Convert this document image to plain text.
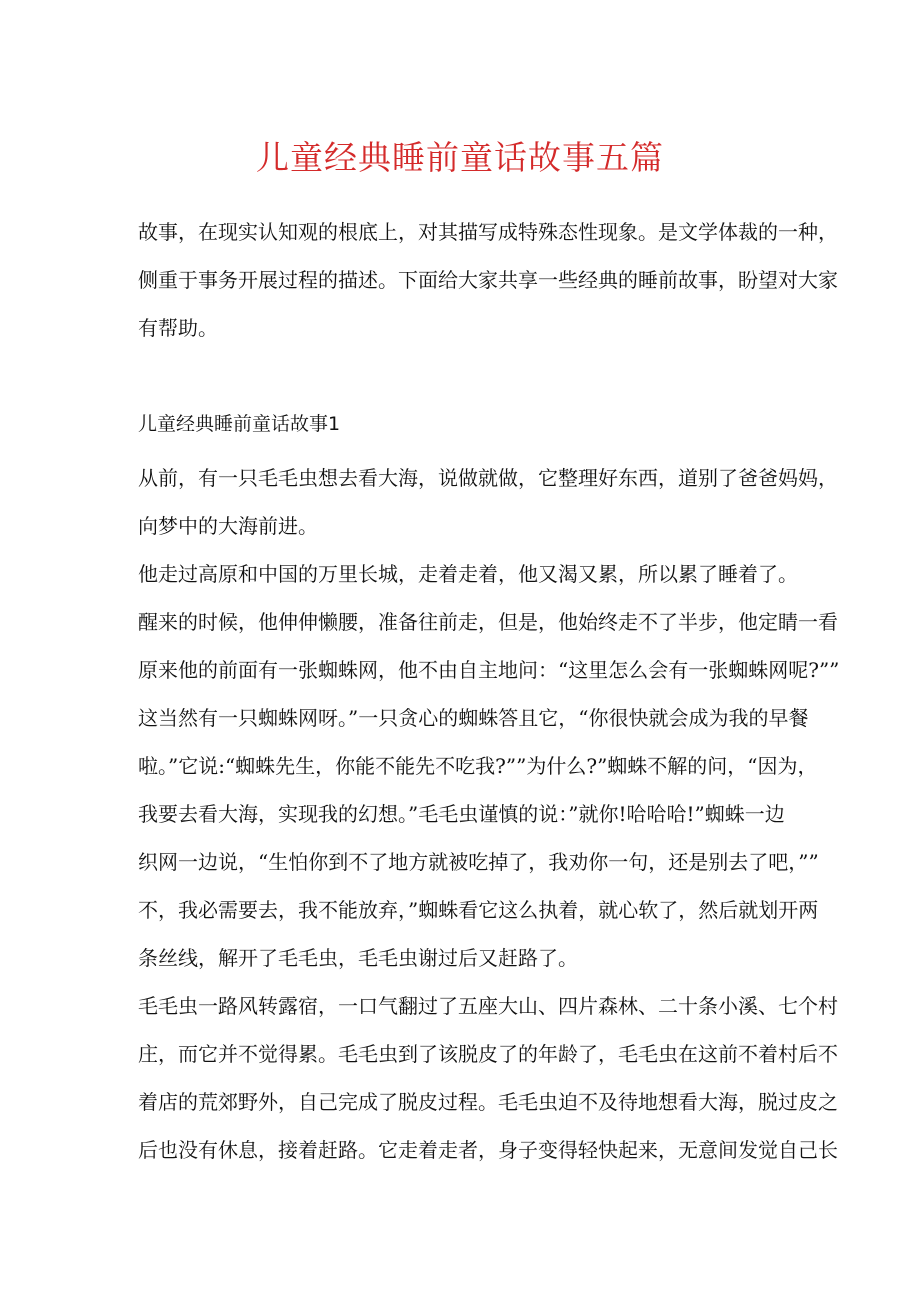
儿童经典睡前童话故事五篇
故事，在现实认知观的根底上，对其描写成特殊态性现象。是文学体裁的一种，
侧重于事务开展过程的描述。下面给大家共享一些经典的睡前故事，盼望对大家
有帮助。
儿童经典睡前童话故事1
从前，有一只毛毛虫想去看大海，说做就做，它整理好东西，道别了爸爸妈妈，
向梦中的大海前进。
他走过高原和中国的万里长城，走着走着，他又渴又累，所以累了睡着了。
醒来的时候，他伸伸懒腰，准备往前走，但是，他始终走不了半步，他定睛一看
原来他的前面有一张蜘蛛网，他不由自主地问：“这里怎么会有一张蜘蛛网呢?””
这当然有一只蜘蛛网呀。”一只贪心的蜘蛛答且它，“你很快就会成为我的早餐
啦。”它说:“蜘蛛先生，你能不能先不吃我?””为什么?”蜘蛛不解的问，“因为，
我要去看大海，实现我的幻想。”毛毛虫谨慎的说：”就你!哈哈哈!”蜘蛛一边
织网一边说，“生怕你到不了地方就被吃掉了，我劝你一句，还是别去了吧，””
不，我必需要去，我不能放弃，”蜘蛛看它这么执着，就心软了，然后就划开两
条丝线，解开了毛毛虫，毛毛虫谢过后又赶路了。
毛毛虫一路风转露宿，一口气翻过了五座大山、四片森林、二十条小溪、七个村
庄，而它并不觉得累。毛毛虫到了该脱皮了的年龄了，毛毛虫在这前不着村后不
着店的荒郊野外，自己完成了脱皮过程。毛毛虫迫不及待地想看大海，脱过皮之
后也没有休息，接着赶路。它走着走者，身子变得轻快起来，无意间发觉自己长
